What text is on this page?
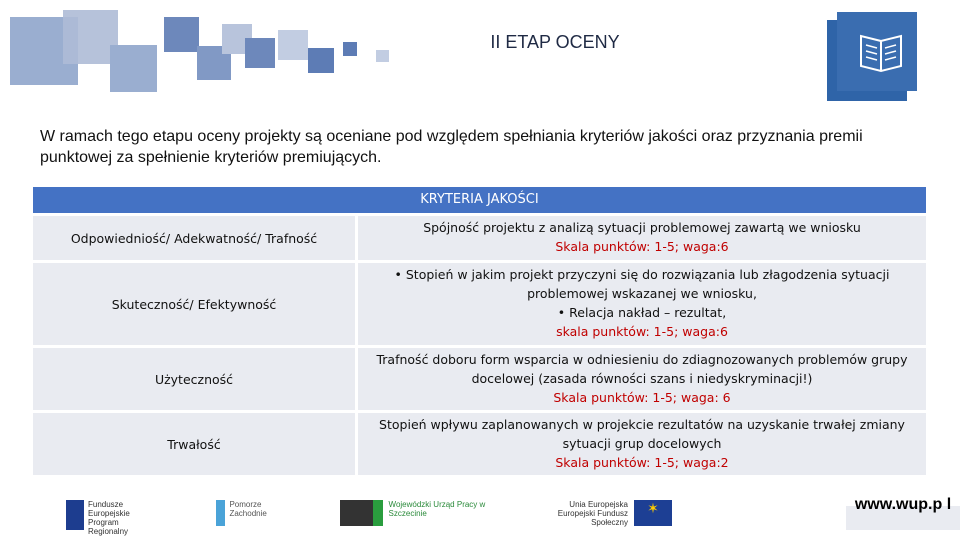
II ETAP OCENY
W ramach tego etapu oceny projekty są oceniane pod względem spełniania kryteriów jakości oraz przyznania premii punktowej za spełnienie kryteriów premiujących.
KRYTERIA JAKOŚCI
Odpowiedniość/ Adekwatność/ Trafność
Spójność projektu z analizą sytuacji problemowej zawartą we wniosku
Skala punktów: 1-5; waga:6
Skuteczność/ Efektywność
• Stopień w jakim projekt przyczyni się do rozwiązania lub złagodzenia sytuacji problemowej wskazanej we wniosku,
• Relacja nakład – rezultat,
skala punktów: 1-5; waga:6
Użyteczność
Trafność doboru form wsparcia w odniesieniu do zdiagnozowanych problemów grupy docelowej (zasada równości szans i niedyskryminacji!)
Skala punktów: 1-5; waga: 6
Trwałość
Stopień wpływu zaplanowanych w projekcie rezultatów na uzyskanie trwałej zmiany sytuacji grup docelowych
Skala punktów: 1-5; waga:2
Fundusze Europejskie Program Regionalny
Pomorze Zachodnie
Wojewódzki Urząd Pracy w Szczecinie
Unia Europejska Europejski Fundusz Społeczny
✶	www.wup.p l
